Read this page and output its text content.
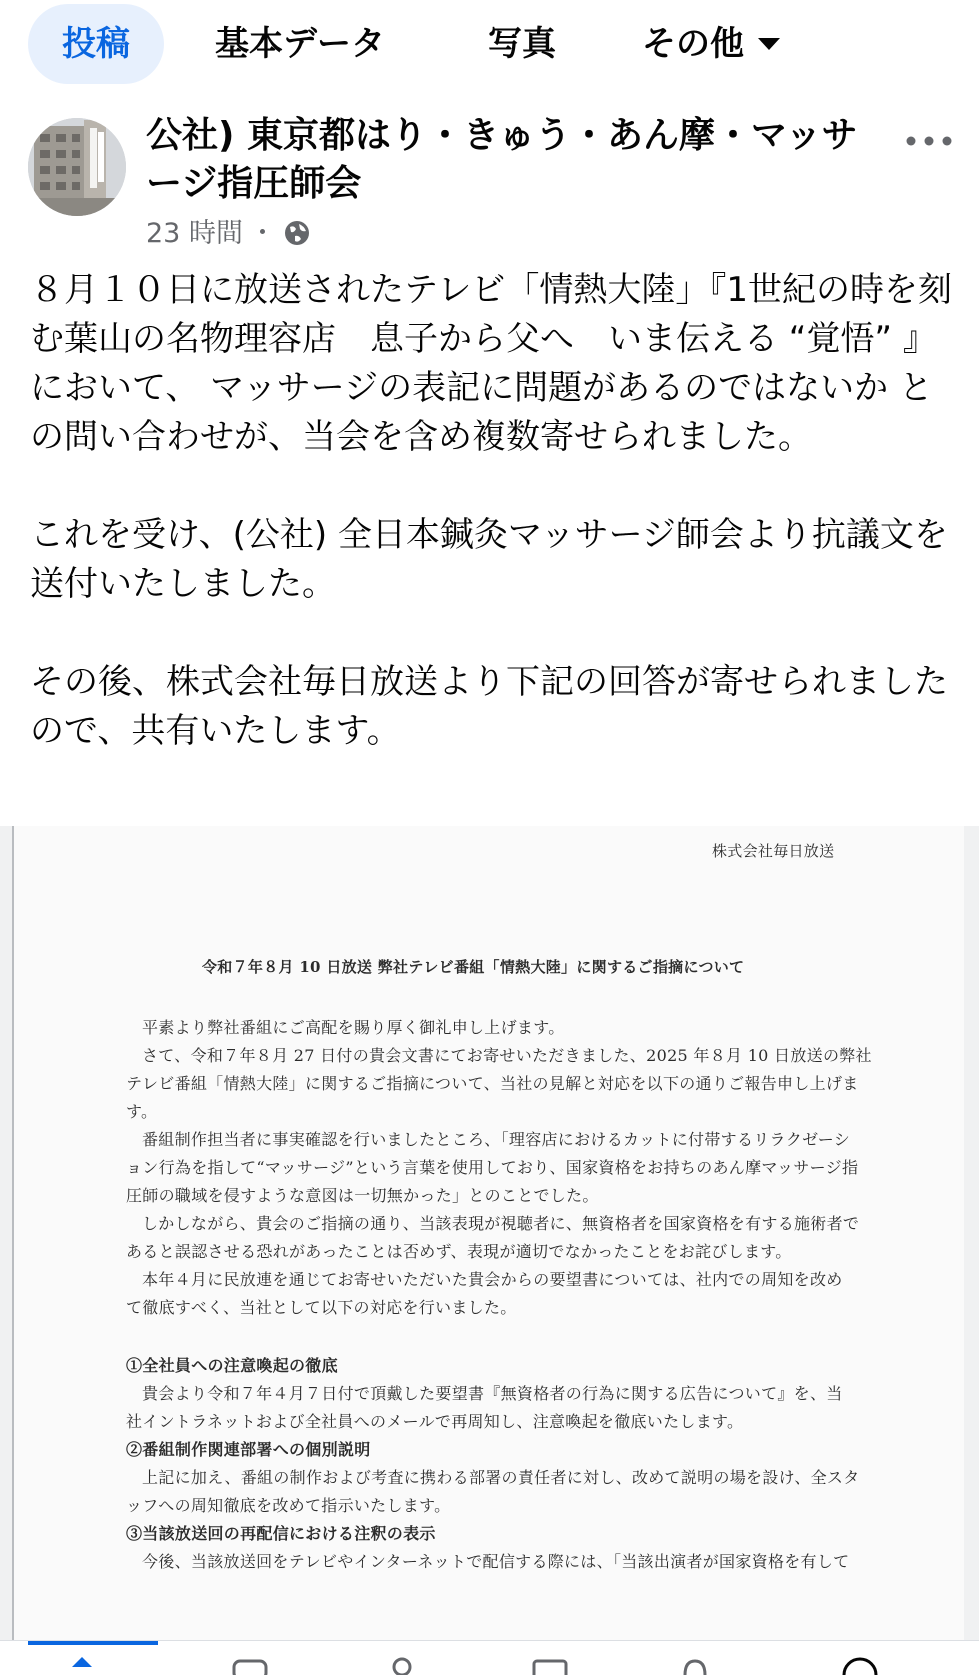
投稿	基本データ	写真	その他
公社) 東京都はり・きゅう・あん摩・マッサージ指圧師会
23 時間 ・
８月１０日に放送されたテレビ「情熱大陸」『1世紀の時を刻む葉山の名物理容店　息子から父へ　いま伝える “覚悟” 』において、 マッサージの表記に問題があるのではないか との問い合わせが、当会を含め複数寄せられました。

これを受け、(公社) 全日本鍼灸マッサージ師会より抗議文を送付いたしました。

その後、株式会社毎日放送より下記の回答が寄せられましたので、共有いたします。
株式会社毎日放送
令和７年８月 10 日放送 弊社テレビ番組「情熱大陸」に関するご指摘について
平素より弊社番組にご高配を賜り厚く御礼申し上げます。
さて、令和７年８月 27 日付の貴会文書にてお寄せいただきました、2025 年８月 10 日放送の弊社
テレビ番組「情熱大陸」に関するご指摘について、当社の見解と対応を以下の通りご報告申し上げま
す。
番組制作担当者に事実確認を行いましたところ、「理容店におけるカットに付帯するリラクゼーシ
ョン行為を指して“マッサージ”という言葉を使用しており、国家資格をお持ちのあん摩マッサージ指
圧師の職域を侵すような意図は一切無かった」とのことでした。
しかしながら、貴会のご指摘の通り、当該表現が視聴者に、無資格者を国家資格を有する施術者で
あると誤認させる恐れがあったことは否めず、表現が適切でなかったことをお詫びします。
本年４月に民放連を通じてお寄せいただいた貴会からの要望書については、社内での周知を改め
て徹底すべく、当社として以下の対応を行いました。
①全社員への注意喚起の徹底
貴会より令和７年４月７日付で頂戴した要望書『無資格者の行為に関する広告について』を、当
社イントラネットおよび全社員へのメールで再周知し、注意喚起を徹底いたします。
②番組制作関連部署への個別説明
上記に加え、番組の制作および考査に携わる部署の責任者に対し、改めて説明の場を設け、全スタ
ッフへの周知徹底を改めて指示いたします。
③当該放送回の再配信における注釈の表示
今後、当該放送回をテレビやインターネットで配信する際には、「当該出演者が国家資格を有して
